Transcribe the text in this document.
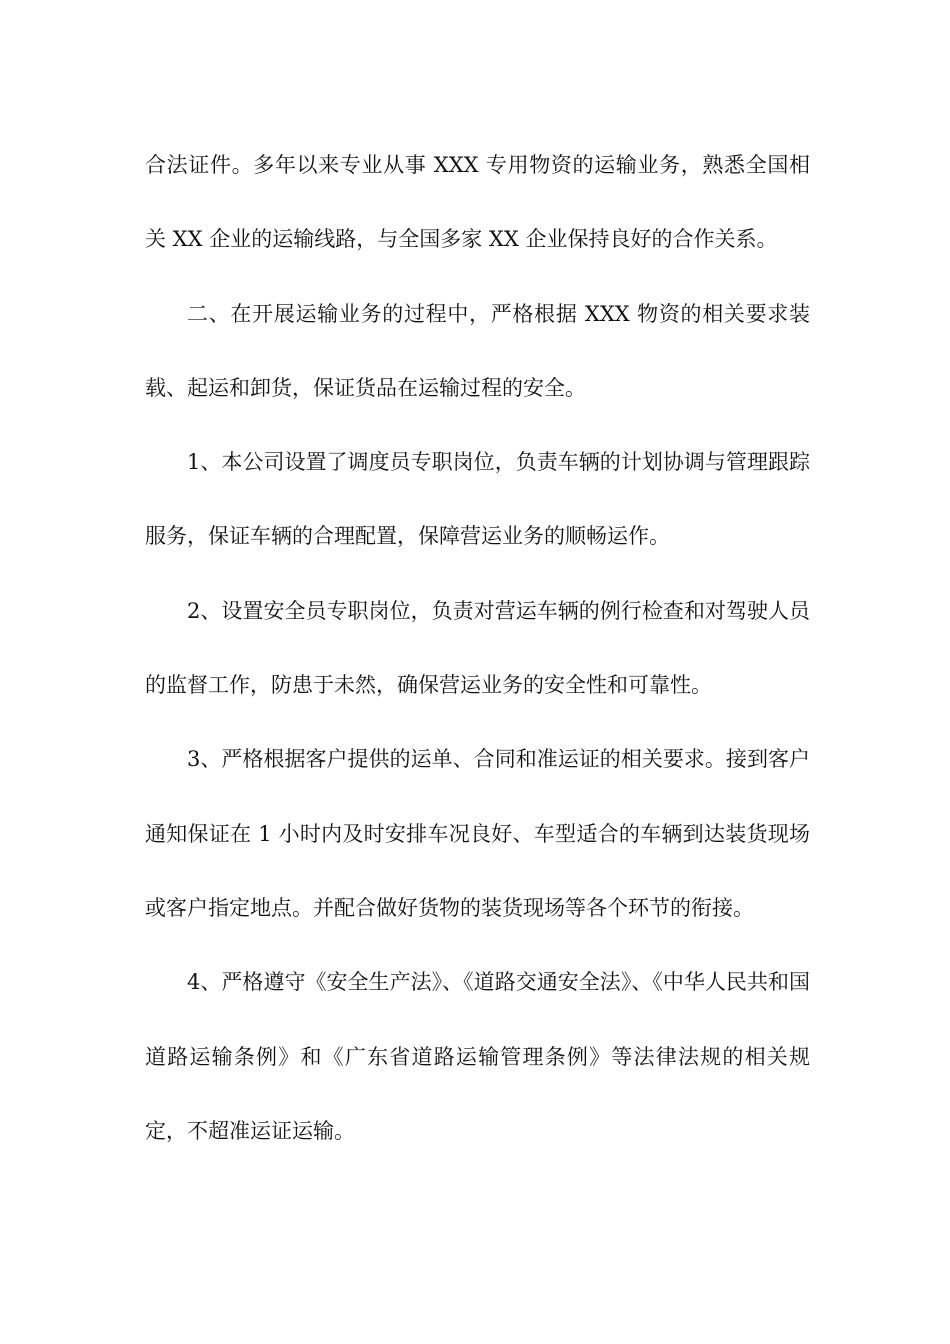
合法证件。多年以来专业从事 XXX 专用物资的运输业务，熟悉全国相关 XX 企业的运输线路，与全国多家 XX 企业保持良好的合作关系。

二、在开展运输业务的过程中，严格根据 XXX 物资的相关要求装载、起运和卸货，保证货品在运输过程的安全。

1、本公司设置了调度员专职岗位，负责车辆的计划协调与管理跟踪服务，保证车辆的合理配置，保障营运业务的顺畅运作。

2、设置安全员专职岗位，负责对营运车辆的例行检查和对驾驶人员的监督工作，防患于未然，确保营运业务的安全性和可靠性。

3、严格根据客户提供的运单、合同和准运证的相关要求。接到客户通知保证在 1 小时内及时安排车况良好、车型适合的车辆到达装货现场或客户指定地点。并配合做好货物的装货现场等各个环节的衔接。

4、严格遵守《安全生产法》、《道路交通安全法》、《中华人民共和国道路运输条例》和《广东省道路运输管理条例》等法律法规的相关规定，不超准运证运输。
